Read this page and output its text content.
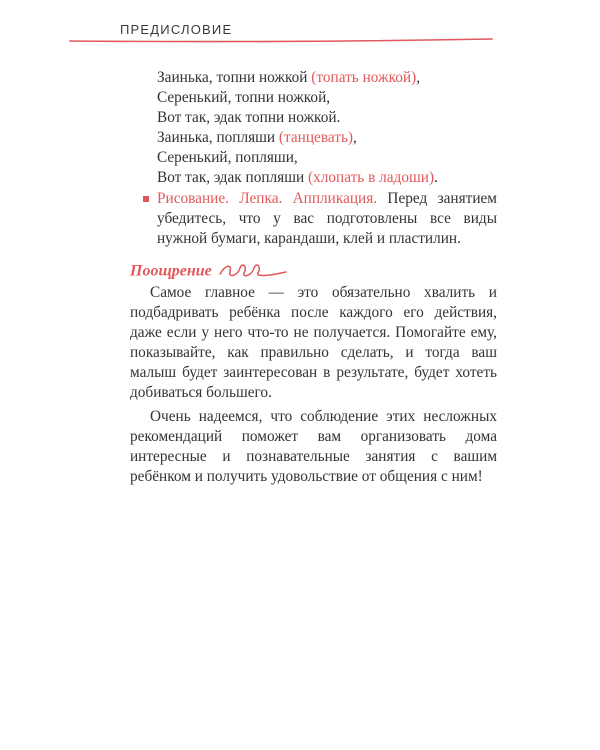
ПРЕДИСЛОВИЕ
Заинька, топни ножкой (топать ножкой),
Серенький, топни ножкой,
Вот так, эдак топни ножкой.
Заинька, попляши (танцевать),
Серенький, попляши,
Вот так, эдак попляши (хлопать в ладоши).
Рисование. Лепка. Аппликация. Перед занятием убедитесь, что у вас подготовлены все виды нужной бумаги, карандаши, клей и пластилин.
Поощрение

Самое главное — это обязательно хвалить и подбадривать ребёнка после каждого его действия, даже если у него что-то не получается. Помогайте ему, показывайте, как правильно сделать, и тогда ваш малыш будет заинтересован в результате, будет хотеть добиваться большего.

Очень надеемся, что соблюдение этих несложных рекомендаций поможет вам организовать дома интересные и познавательные занятия с вашим ребёнком и получить удовольствие от общения с ним!
